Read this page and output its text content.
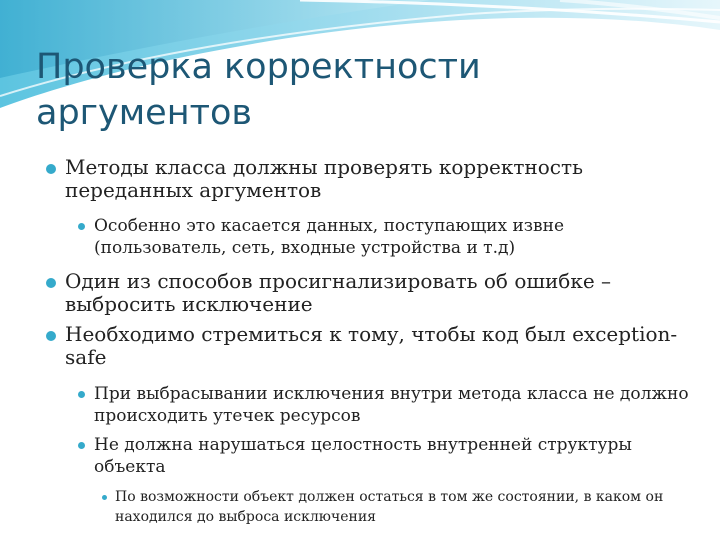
Проверка корректности аргументов
Методы класса должны проверять корректность переданных аргументов
Особенно это касается данных, поступающих извне (пользователь, сеть, входные устройства и т.д)
Один из способов просигнализировать об ошибке – выбросить исключение
Необходимо стремиться к тому, чтобы код был exception-safe
При выбрасывании исключения внутри метода класса не должно происходить утечек ресурсов
Не должна нарушаться целостность внутренней структуры объекта
По возможности объект должен остаться в том же состоянии, в каком он находился до выброса исключения
